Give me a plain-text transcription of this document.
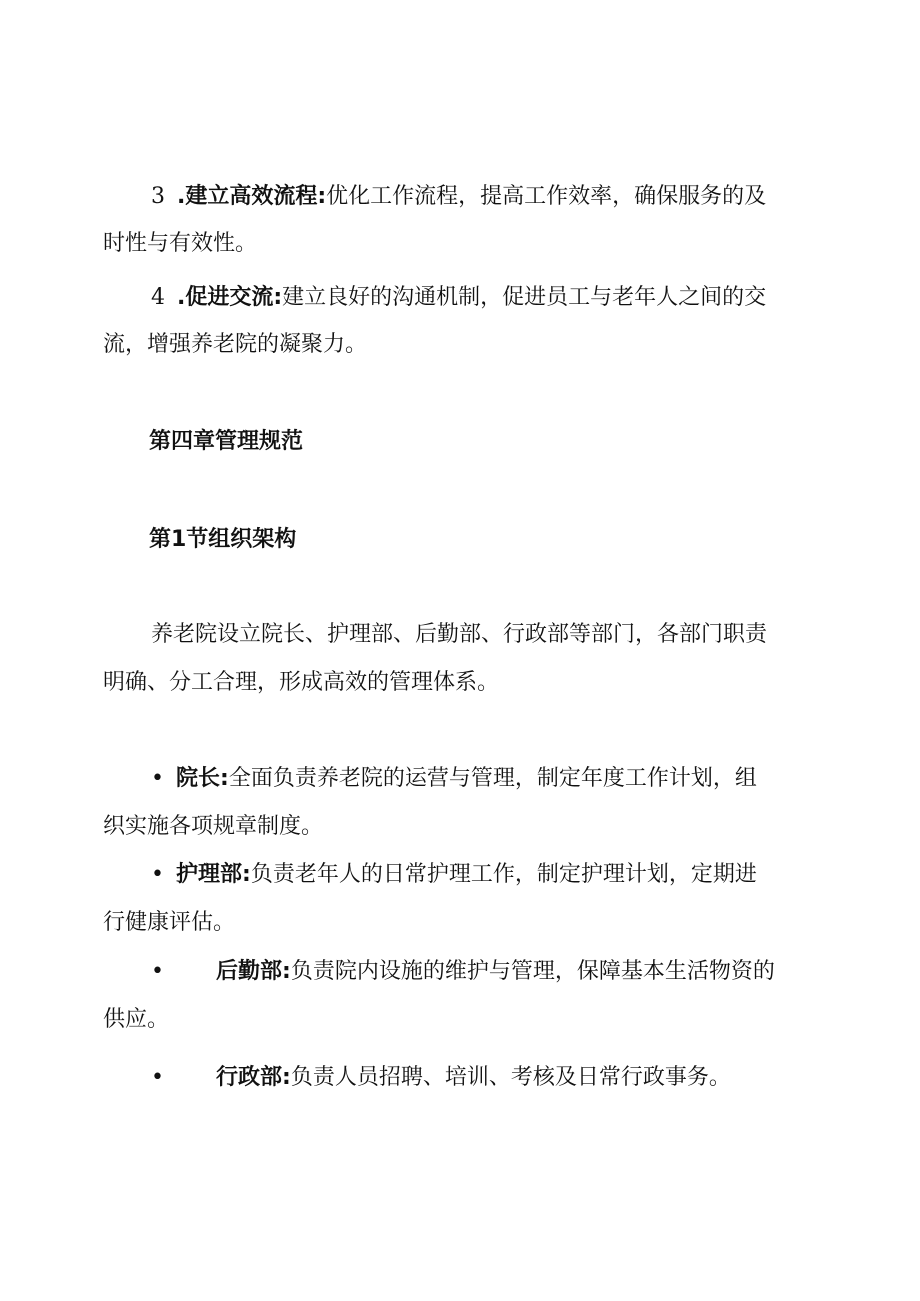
3 .建立高效流程:优化工作流程，提高工作效率，确保服务的及
时性与有效性。
4 .促进交流:建立良好的沟通机制，促进员工与老年人之间的交
流，增强养老院的凝聚力。
第四章管理规范
第1节组织架构
养老院设立院长、护理部、后勤部、行政部等部门，各部门职责
明确、分工合理，形成高效的管理体系。
• 院长:全面负责养老院的运营与管理，制定年度工作计划，组
织实施各项规章制度。
• 护理部:负责老年人的日常护理工作，制定护理计划，定期进
行健康评估。
• 后勤部:负责院内设施的维护与管理，保障基本生活物资的
供应。
• 行政部:负责人员招聘、培训、考核及日常行政事务。
